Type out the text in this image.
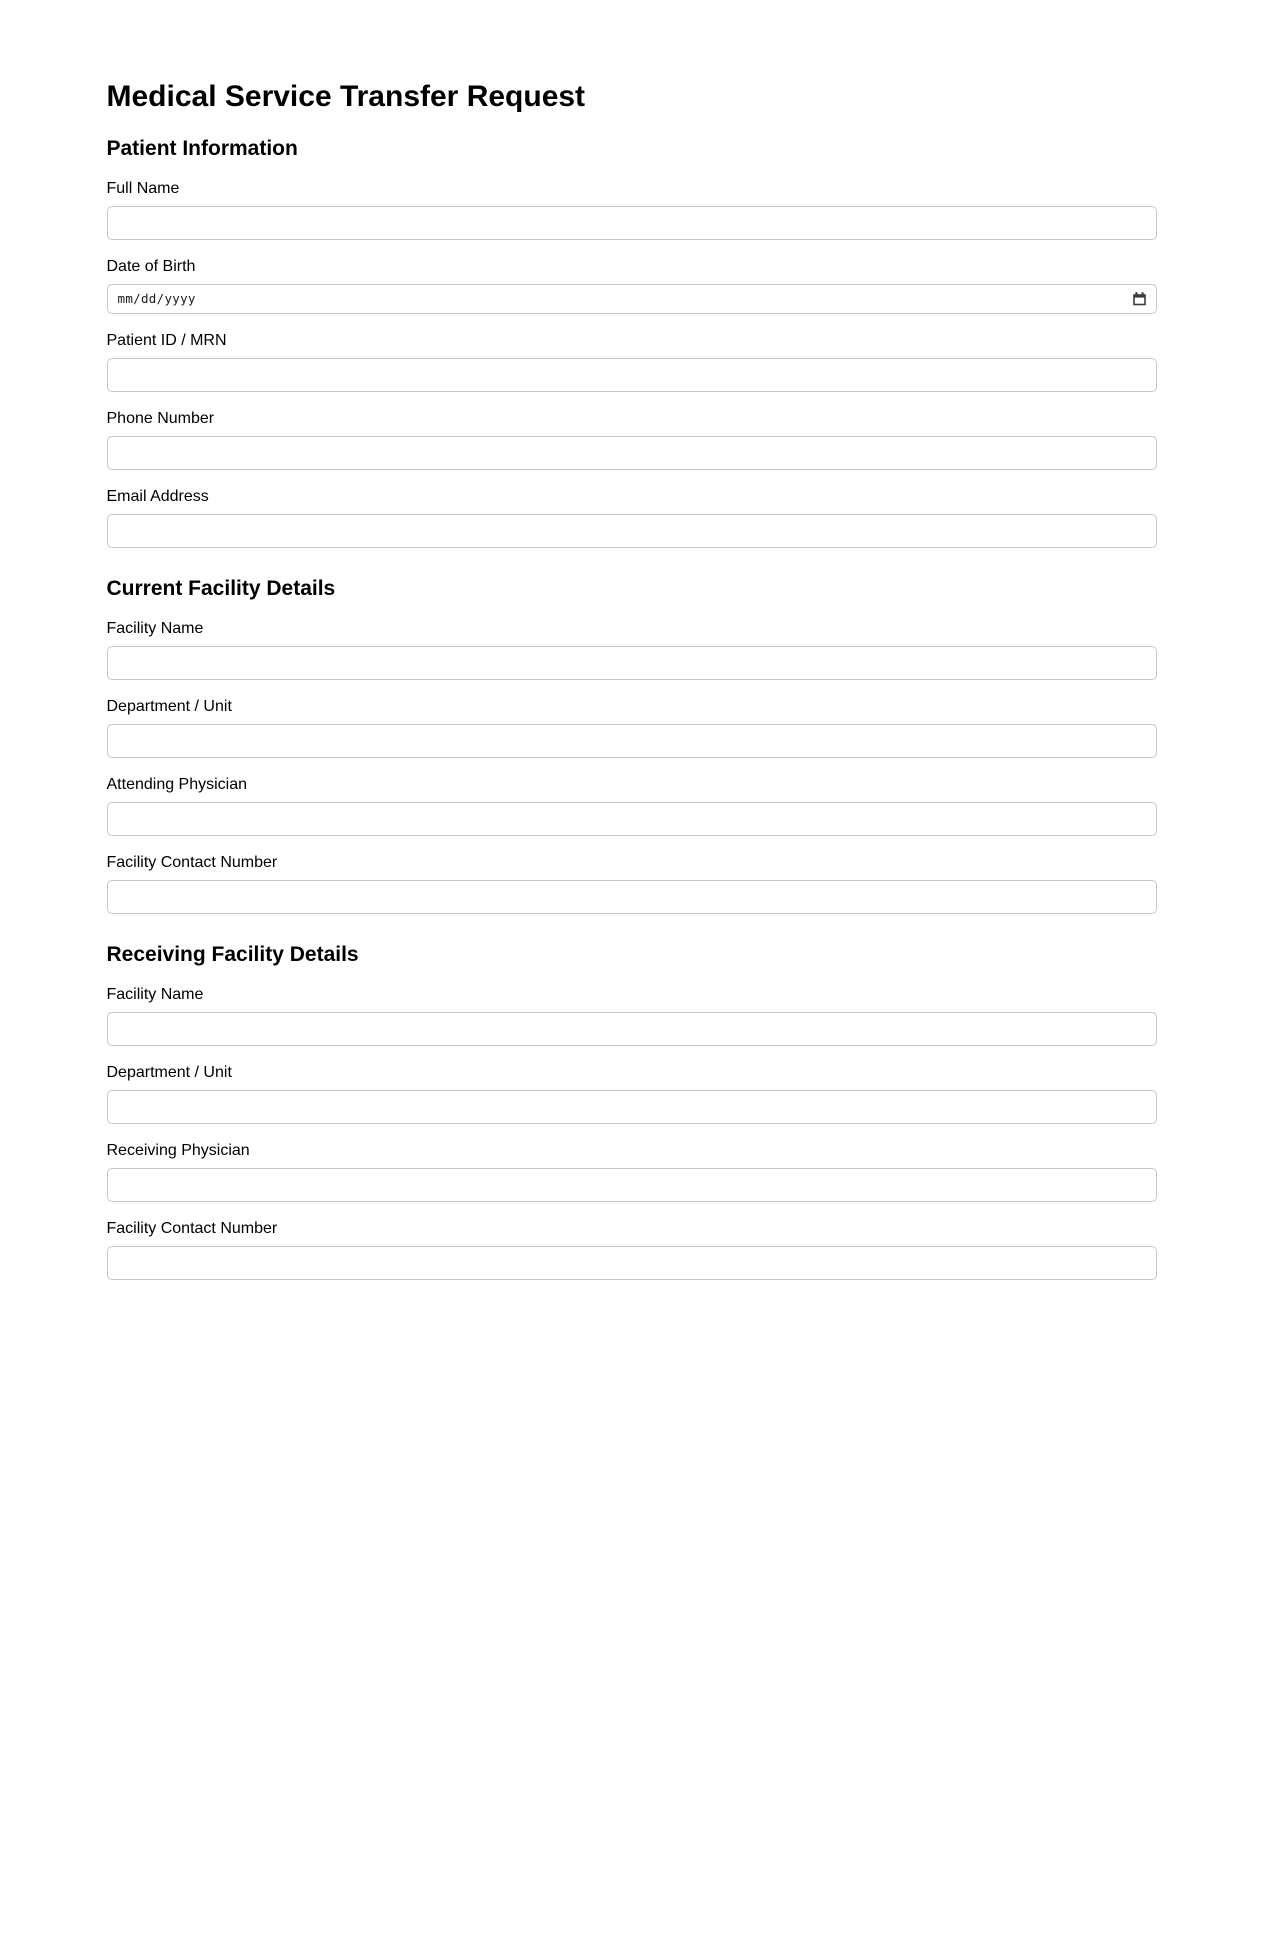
Medical Service Transfer Request
Patient Information
Full Name
Date of Birth
mm/dd/yyyy
Patient ID / MRN
Phone Number
Email Address
Current Facility Details
Facility Name
Department / Unit
Attending Physician
Facility Contact Number
Receiving Facility Details
Facility Name
Department / Unit
Receiving Physician
Facility Contact Number
